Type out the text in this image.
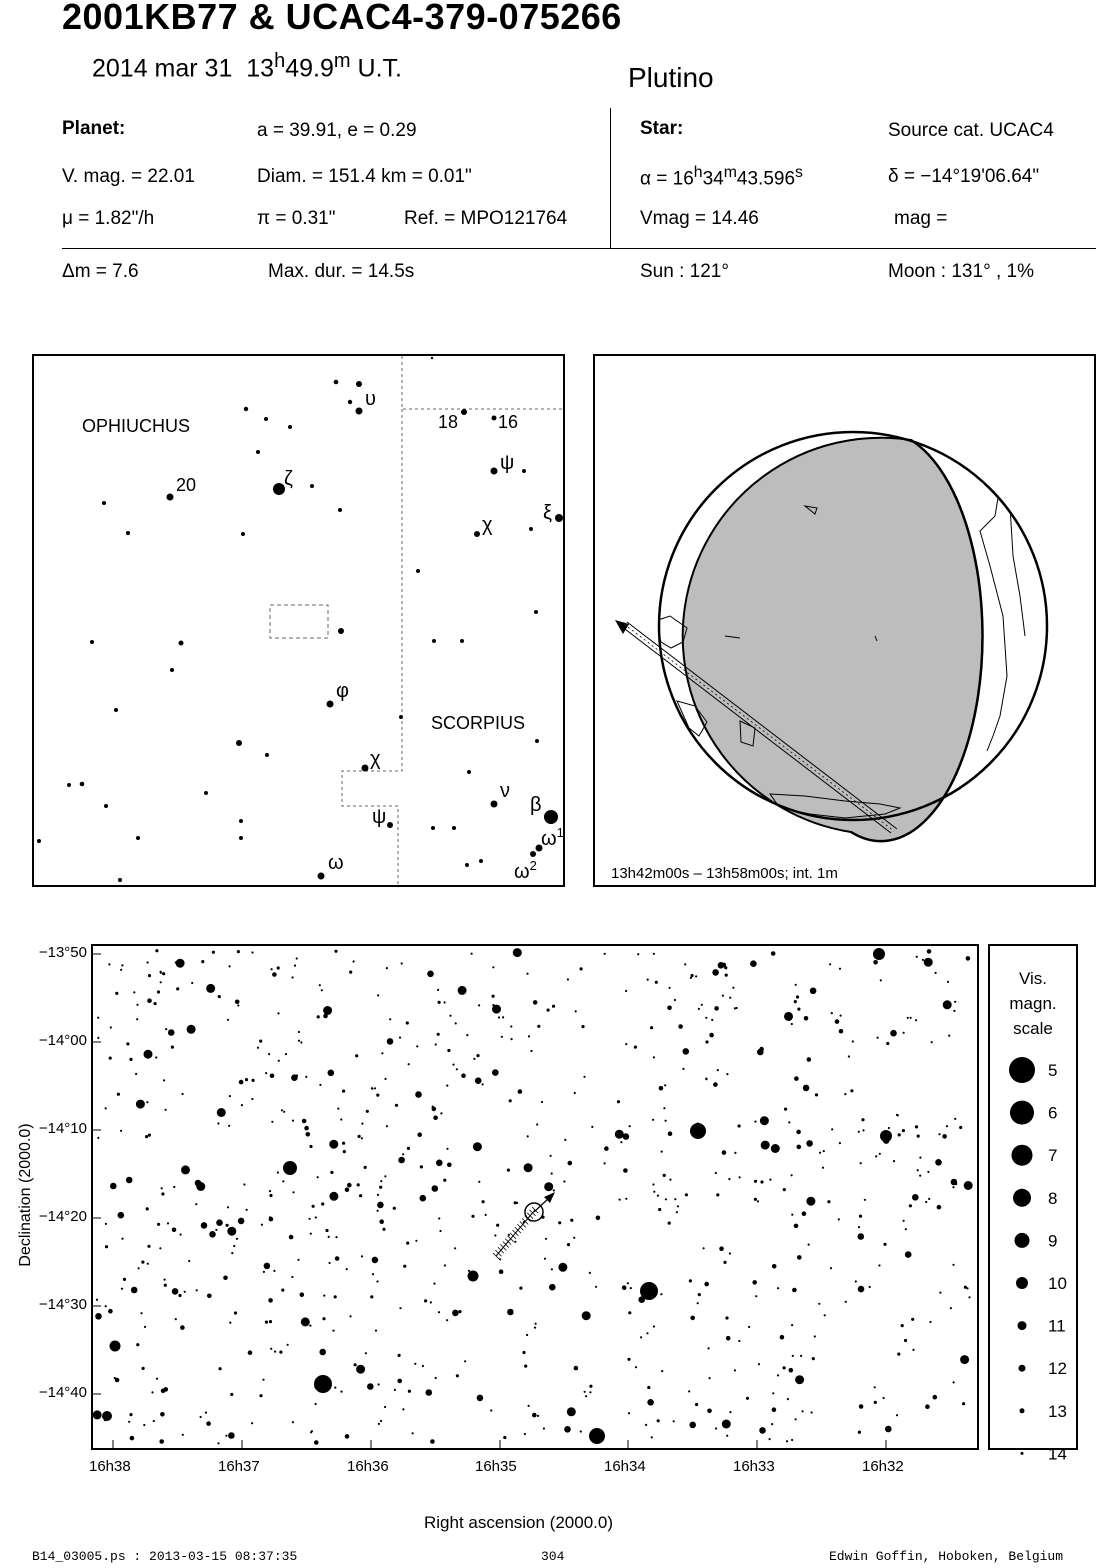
2001KB77 & UCAC4-379-075266
2014 mar 31 13$^h$49.9$^m$ U.T.	Plutino
Planet:	a = 39.91, e = 0.29
V. mag. = 22.01	Diam. = 151.4 km = 0.01"
μ = 1.82"/h	π = 0.31"	Ref. = MPO121764
Star:	Source cat. UCAC4
$\alpha = 16^h34^m43.596^s$	δ = −14°19'06.64"
Vmag = 14.46	mag =
Δm = 7.6	Max. dur. = 14.5s	Sun : 121°	Moon : 131° , 1%
OPHIUCHUS
SCORPIUS
20
18 16
υ
ζ
ψ
χ
ξ
φ
χ
ψ
ν
β
$\omega^1$
$\omega^2$
ω	13h42m00s – 13h58m00s; int. 1m
−13°50
−14°00
−14°10
−14°20
−14°30
−14°40
Declination (2000.0)
16h38	16h37	16h36	16h35	16h34	16h33	16h32
Right ascension (2000.0)
Vis.
magn.
scale
5
6
7
8
9
10
11
12
13
14
B14_03005.ps : 2013-03-15 08:37:35	304	Edwin Goffin, Hoboken, Belgium
